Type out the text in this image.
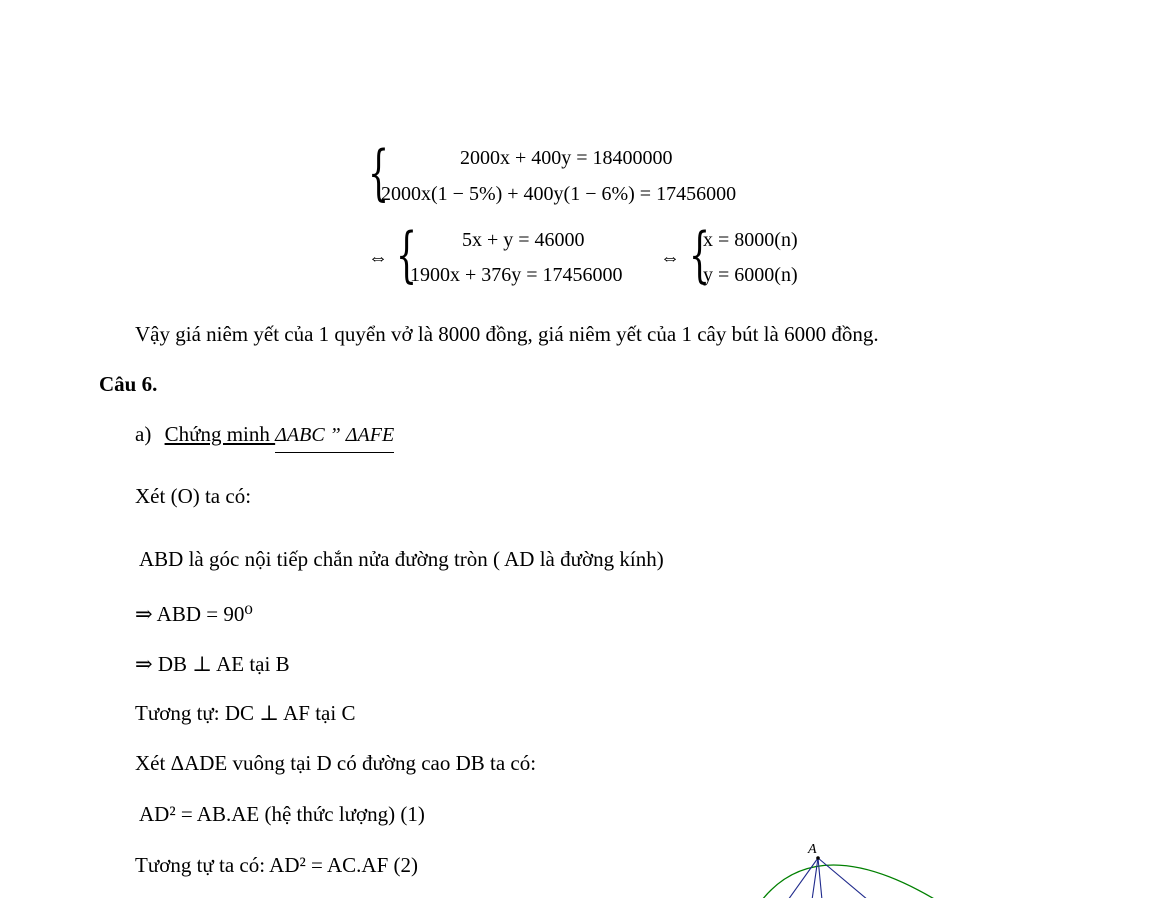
{	2000x + 400y = 18400000
2000x(1 − 5%) + 400y(1 − 6%) = 17456000
⇔ { 5x + y = 46000
1900x + 376y = 17456000
⇔ {
x = 8000(n)
y = 6000(n)
Vậy giá niêm yết của 1 quyển vở là 8000 đồng, giá niêm yết của 1 cây bút là 6000 đồng.
Câu 6.
a) Chứng minh ΔABC ” ΔAFE
Xét (O) ta có:
ABD là góc nội tiếp chắn nửa đường tròn ( AD là đường kính)
⇒ ABD = 90⁰
⇒ DB ⊥ AE tại B
Tương tự: DC ⊥ AF tại C
Xét ΔADE vuông tại D có đường cao DB ta có:
AD² = AB.AE (hệ thức lượng) (1)
Tương tự ta có: AD² = AC.AF (2)
A
